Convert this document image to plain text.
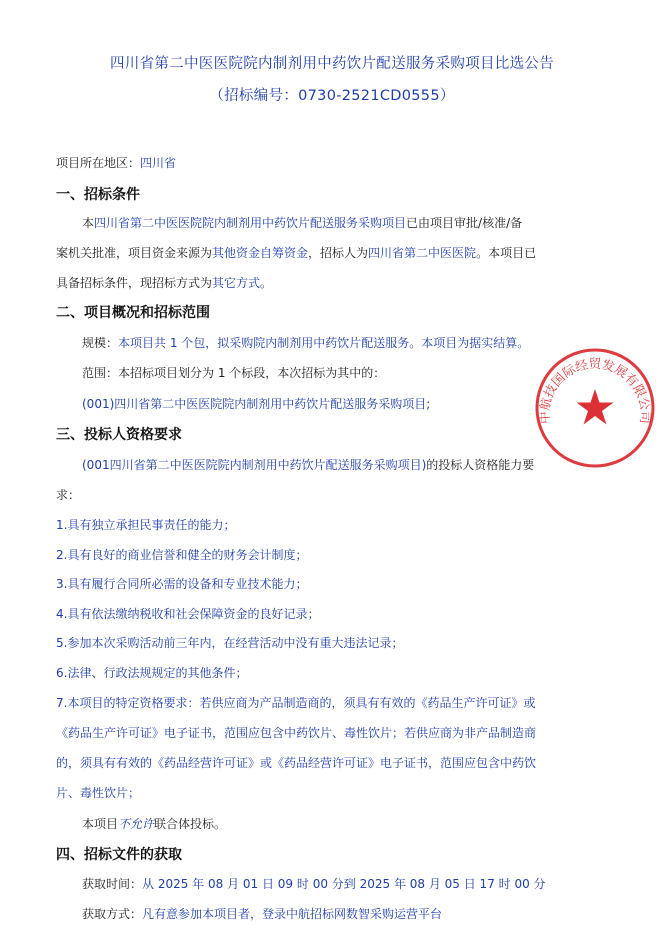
四川省第二中医医院院内制剂用中药饮片配送服务采购项目比选公告
（招标编号：0730-2521CD0555）
项目所在地区：四川省
一、招标条件
本四川省第二中医医院院内制剂用中药饮片配送服务采购项目已由项目审批/核准/备
案机关批准，项目资金来源为其他资金自筹资金，招标人为四川省第二中医医院。本项目已
具备招标条件，现招标方式为其它方式。
二、项目概况和招标范围
规模：本项目共 1 个包，拟采购院内制剂用中药饮片配送服务。本项目为据实结算。
范围：本招标项目划分为 1 个标段，本次招标为其中的：
(001)四川省第二中医医院院内制剂用中药饮片配送服务采购项目;
三、投标人资格要求
(001四川省第二中医医院院内制剂用中药饮片配送服务采购项目)的投标人资格能力要
求：
1.具有独立承担民事责任的能力；
2.具有良好的商业信誉和健全的财务会计制度；
3.具有履行合同所必需的设备和专业技术能力；
4.具有依法缴纳税收和社会保障资金的良好记录；
5.参加本次采购活动前三年内，在经营活动中没有重大违法记录；
6.法律、行政法规规定的其他条件；
7.本项目的特定资格要求：若供应商为产品制造商的，须具有有效的《药品生产许可证》或
《药品生产许可证》电子证书，范围应包含中药饮片、毒性饮片；若供应商为非产品制造商
的，须具有有效的《药品经营许可证》或《药品经营许可证》电子证书，范围应包含中药饮
片、毒性饮片；
本项目不允许联合体投标。
四、招标文件的获取
获取时间：从 2025 年 08 月 01 日 09 时 00 分到 2025 年 08 月 05 日 17 时 00 分
获取方式：凡有意参加本项目者，登录中航招标网数智采购运营平台
中航技国际经贸发展有限公司
